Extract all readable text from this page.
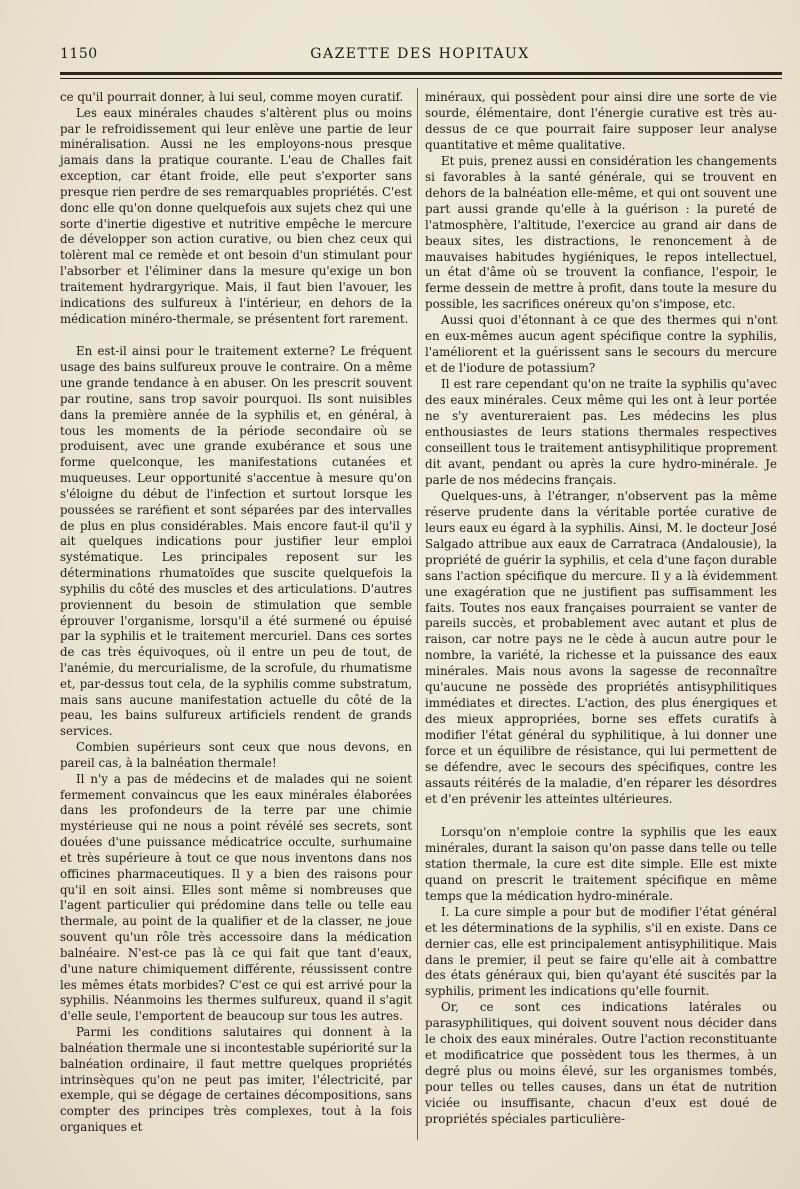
1150	GAZETTE DES HOPITAUX

ce qu'il pourrait donner, à lui seul, comme moyen curatif.

Les eaux minérales chaudes s'altèrent plus ou moins par le refroidissement qui leur enlève une partie de leur minéralisation. Aussi ne les employons-nous presque jamais dans la pratique courante. L'eau de Challes fait exception, car étant froide, elle peut s'exporter sans presque rien perdre de ses remarquables propriétés. C'est donc elle qu'on donne quelquefois aux sujets chez qui une sorte d'inertie digestive et nutritive empêche le mercure de développer son action curative, ou bien chez ceux qui tolèrent mal ce remède et ont besoin d'un stimulant pour l'absorber et l'éliminer dans la mesure qu'exige un bon traitement hydrargyrique. Mais, il faut bien l'avouer, les indications des sulfureux à l'intérieur, en dehors de la médication minéro-thermale, se présentent fort rarement.

En est-il ainsi pour le traitement externe? Le fréquent usage des bains sulfureux prouve le contraire. On a même une grande tendance à en abuser. On les prescrit souvent par routine, sans trop savoir pourquoi. Ils sont nuisibles dans la première année de la syphilis et, en général, à tous les moments de la période secondaire où se produisent, avec une grande exubérance et sous une forme quelconque, les manifestations cutanées et muqueuses. Leur opportunité s'accentue à mesure qu'on s'éloigne du début de l'infection et surtout lorsque les poussées se raréfient et sont séparées par des intervalles de plus en plus considérables. Mais encore faut-il qu'il y ait quelques indications pour justifier leur emploi systématique. Les principales reposent sur les déterminations rhumatoïdes que suscite quelquefois la syphilis du côté des muscles et des articulations. D'autres proviennent du besoin de stimulation que semble éprouver l'organisme, lorsqu'il a été surmené ou épuisé par la syphilis et le traitement mercuriel. Dans ces sortes de cas très équivoques, où il entre un peu de tout, de l'anémie, du mercurialisme, de la scrofule, du rhumatisme et, par-dessus tout cela, de la syphilis comme substratum, mais sans aucune manifestation actuelle du côté de la peau, les bains sulfureux artificiels rendent de grands services.

Combien supérieurs sont ceux que nous devons, en pareil cas, à la balnéation thermale!

Il n'y a pas de médecins et de malades qui ne soient fermement convaincus que les eaux minérales élaborées dans les profondeurs de la terre par une chimie mystérieuse qui ne nous a point révélé ses secrets, sont douées d'une puissance médicatrice occulte, surhumaine et très supérieure à tout ce que nous inventons dans nos officines pharmaceutiques. Il y a bien des raisons pour qu'il en soit ainsi. Elles sont même si nombreuses que l'agent particulier qui prédomine dans telle ou telle eau thermale, au point de la qualifier et de la classer, ne joue souvent qu'un rôle très accessoire dans la médication balnéaire. N'est-ce pas là ce qui fait que tant d'eaux, d'une nature chimiquement différente, réussissent contre les mêmes états morbides? C'est ce qui est arrivé pour la syphilis. Néanmoins les thermes sulfureux, quand il s'agit d'elle seule, l'emportent de beaucoup sur tous les autres.

Parmi les conditions salutaires qui donnent à la balnéation thermale une si incontestable supériorité sur la balnéation ordinaire, il faut mettre quelques propriétés intrinsèques qu'on ne peut pas imiter, l'électricité, par exemple, qui se dégage de certaines décompositions, sans compter des principes très complexes, tout à la fois organiques et

minéraux, qui possèdent pour ainsi dire une sorte de vie sourde, élémentaire, dont l'énergie curative est très au-dessus de ce que pourrait faire supposer leur analyse quantitative et même qualitative.

Et puis, prenez aussi en considération les changements si favorables à la santé générale, qui se trouvent en dehors de la balnéation elle-même, et qui ont souvent une part aussi grande qu'elle à la guérison : la pureté de l'atmosphère, l'altitude, l'exercice au grand air dans de beaux sites, les distractions, le renoncement à de mauvaises habitudes hygiéniques, le repos intellectuel, un état d'âme où se trouvent la confiance, l'espoir, le ferme dessein de mettre à profit, dans toute la mesure du possible, les sacrifices onéreux qu'on s'impose, etc.

Aussi quoi d'étonnant à ce que des thermes qui n'ont en eux-mêmes aucun agent spécifique contre la syphilis, l'améliorent et la guérissent sans le secours du mercure et de l'iodure de potassium?

Il est rare cependant qu'on ne traite la syphilis qu'avec des eaux minérales. Ceux même qui les ont à leur portée ne s'y aventureraient pas. Les médecins les plus enthousiastes de leurs stations thermales respectives conseillent tous le traitement antisyphilitique proprement dit avant, pendant ou après la cure hydro-minérale. Je parle de nos médecins français.

Quelques-uns, à l'étranger, n'observent pas la même réserve prudente dans la véritable portée curative de leurs eaux eu égard à la syphilis. Ainsi, M. le docteur José Salgado attribue aux eaux de Carratraca (Andalousie), la propriété de guérir la syphilis, et cela d'une façon durable sans l'action spécifique du mercure. Il y a là évidemment une exagération que ne justifient pas suffisamment les faits. Toutes nos eaux françaises pourraient se vanter de pareils succès, et probablement avec autant et plus de raison, car notre pays ne le cède à aucun autre pour le nombre, la variété, la richesse et la puissance des eaux minérales. Mais nous avons la sagesse de reconnaître qu'aucune ne possède des propriétés antisyphilitiques immédiates et directes. L'action, des plus énergiques et des mieux appropriées, borne ses effets curatifs à modifier l'état général du syphilitique, à lui donner une force et un équilibre de résistance, qui lui permettent de se défendre, avec le secours des spécifiques, contre les assauts réitérés de la maladie, d'en réparer les désordres et d'en prévenir les atteintes ultérieures.

Lorsqu'on n'emploie contre la syphilis que les eaux minérales, durant la saison qu'on passe dans telle ou telle station thermale, la cure est dite simple. Elle est mixte quand on prescrit le traitement spécifique en même temps que la médication hydro-minérale.

I. La cure simple a pour but de modifier l'état général et les déterminations de la syphilis, s'il en existe. Dans ce dernier cas, elle est principalement antisyphilitique. Mais dans le premier, il peut se faire qu'elle ait à combattre des états généraux qui, bien qu'ayant été suscités par la syphilis, priment les indications qu'elle fournit.

Or, ce sont ces indications latérales ou parasyphilitiques, qui doivent souvent nous décider dans le choix des eaux minérales. Outre l'action reconstituante et modificatrice que possèdent tous les thermes, à un degré plus ou moins élevé, sur les organismes tombés, pour telles ou telles causes, dans un état de nutrition viciée ou insuffisante, chacun d'eux est doué de propriétés spéciales particulière-
